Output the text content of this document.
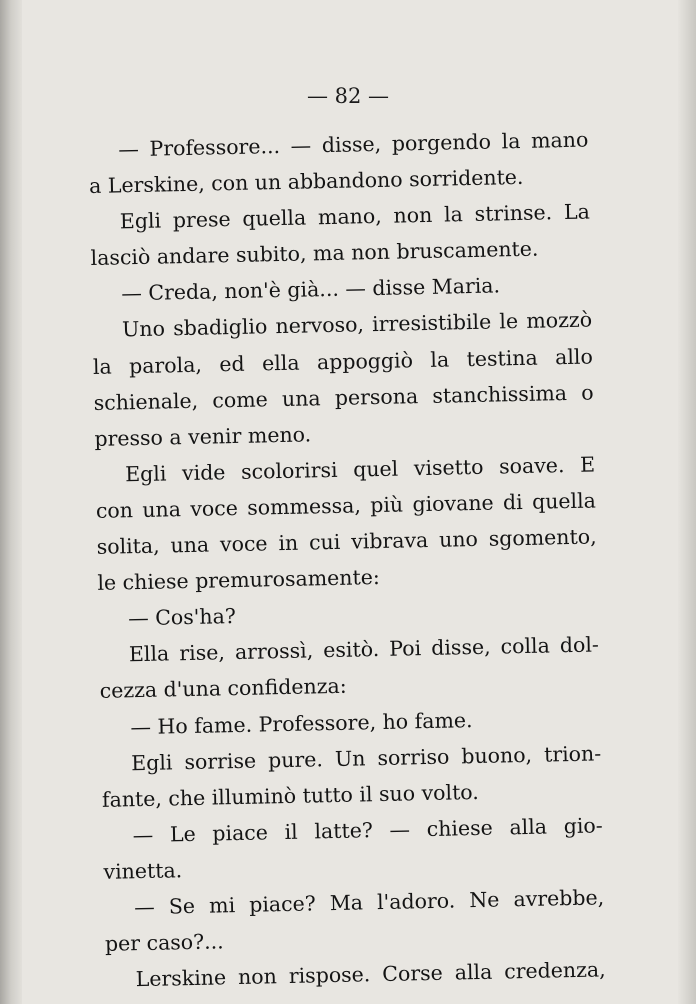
— 82 —

— Professore... — disse, porgendo la mano
a Lerskine, con un abbandono sorridente.
Egli prese quella mano, non la strinse. La
lasciò andare subito, ma non bruscamente.
— Creda, non'è già... — disse Maria.
Uno sbadiglio nervoso, irresistibile le mozzò
la parola, ed ella appoggiò la testina allo
schienale, come una persona stanchissima o
presso a venir meno.
Egli vide scolorirsi quel visetto soave. E
con una voce sommessa, più giovane di quella
solita, una voce in cui vibrava uno sgomento,
le chiese premurosamente:
— Cos'ha?
Ella rise, arrossì, esitò. Poi disse, colla dol-
cezza d'una confidenza:
— Ho fame. Professore, ho fame.
Egli sorrise pure. Un sorriso buono, trion-
fante, che illuminò tutto il suo volto.
— Le piace il latte? — chiese alla gio-
vinetta.
— Se mi piace? Ma l'adoro. Ne avrebbe,
per caso?...
Lerskine non rispose. Corse alla credenza,
